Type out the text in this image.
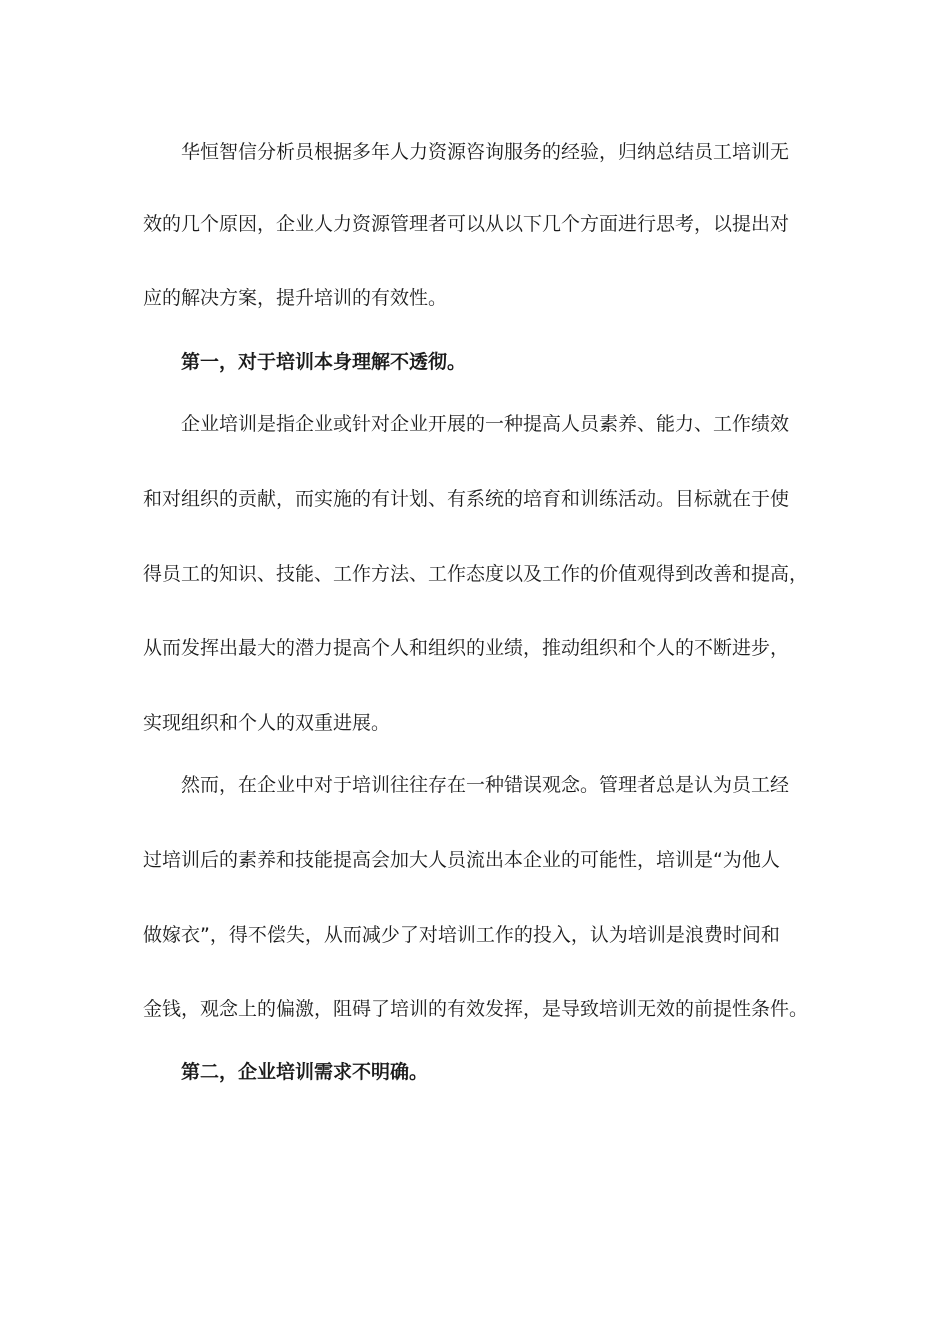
华恒智信分析员根据多年人力资源咨询服务的经验，归纳总结员工培训无
效的几个原因，企业人力资源管理者可以从以下几个方面进行思考，以提出对
应的解决方案，提升培训的有效性。
第一，对于培训本身理解不透彻。
企业培训是指企业或针对企业开展的一种提高人员素养、能力、工作绩效
和对组织的贡献，而实施的有计划、有系统的培育和训练活动。目标就在于使
得员工的知识、技能、工作方法、工作态度以及工作的价值观得到改善和提高，
从而发挥出最大的潜力提高个人和组织的业绩，推动组织和个人的不断进步，
实现组织和个人的双重进展。
然而，在企业中对于培训往往存在一种错误观念。管理者总是认为员工经
过培训后的素养和技能提高会加大人员流出本企业的可能性，培训是“为他人
做嫁衣”，得不偿失，从而减少了对培训工作的投入，认为培训是浪费时间和
金钱，观念上的偏激，阻碍了培训的有效发挥，是导致培训无效的前提性条件。
第二，企业培训需求不明确。
